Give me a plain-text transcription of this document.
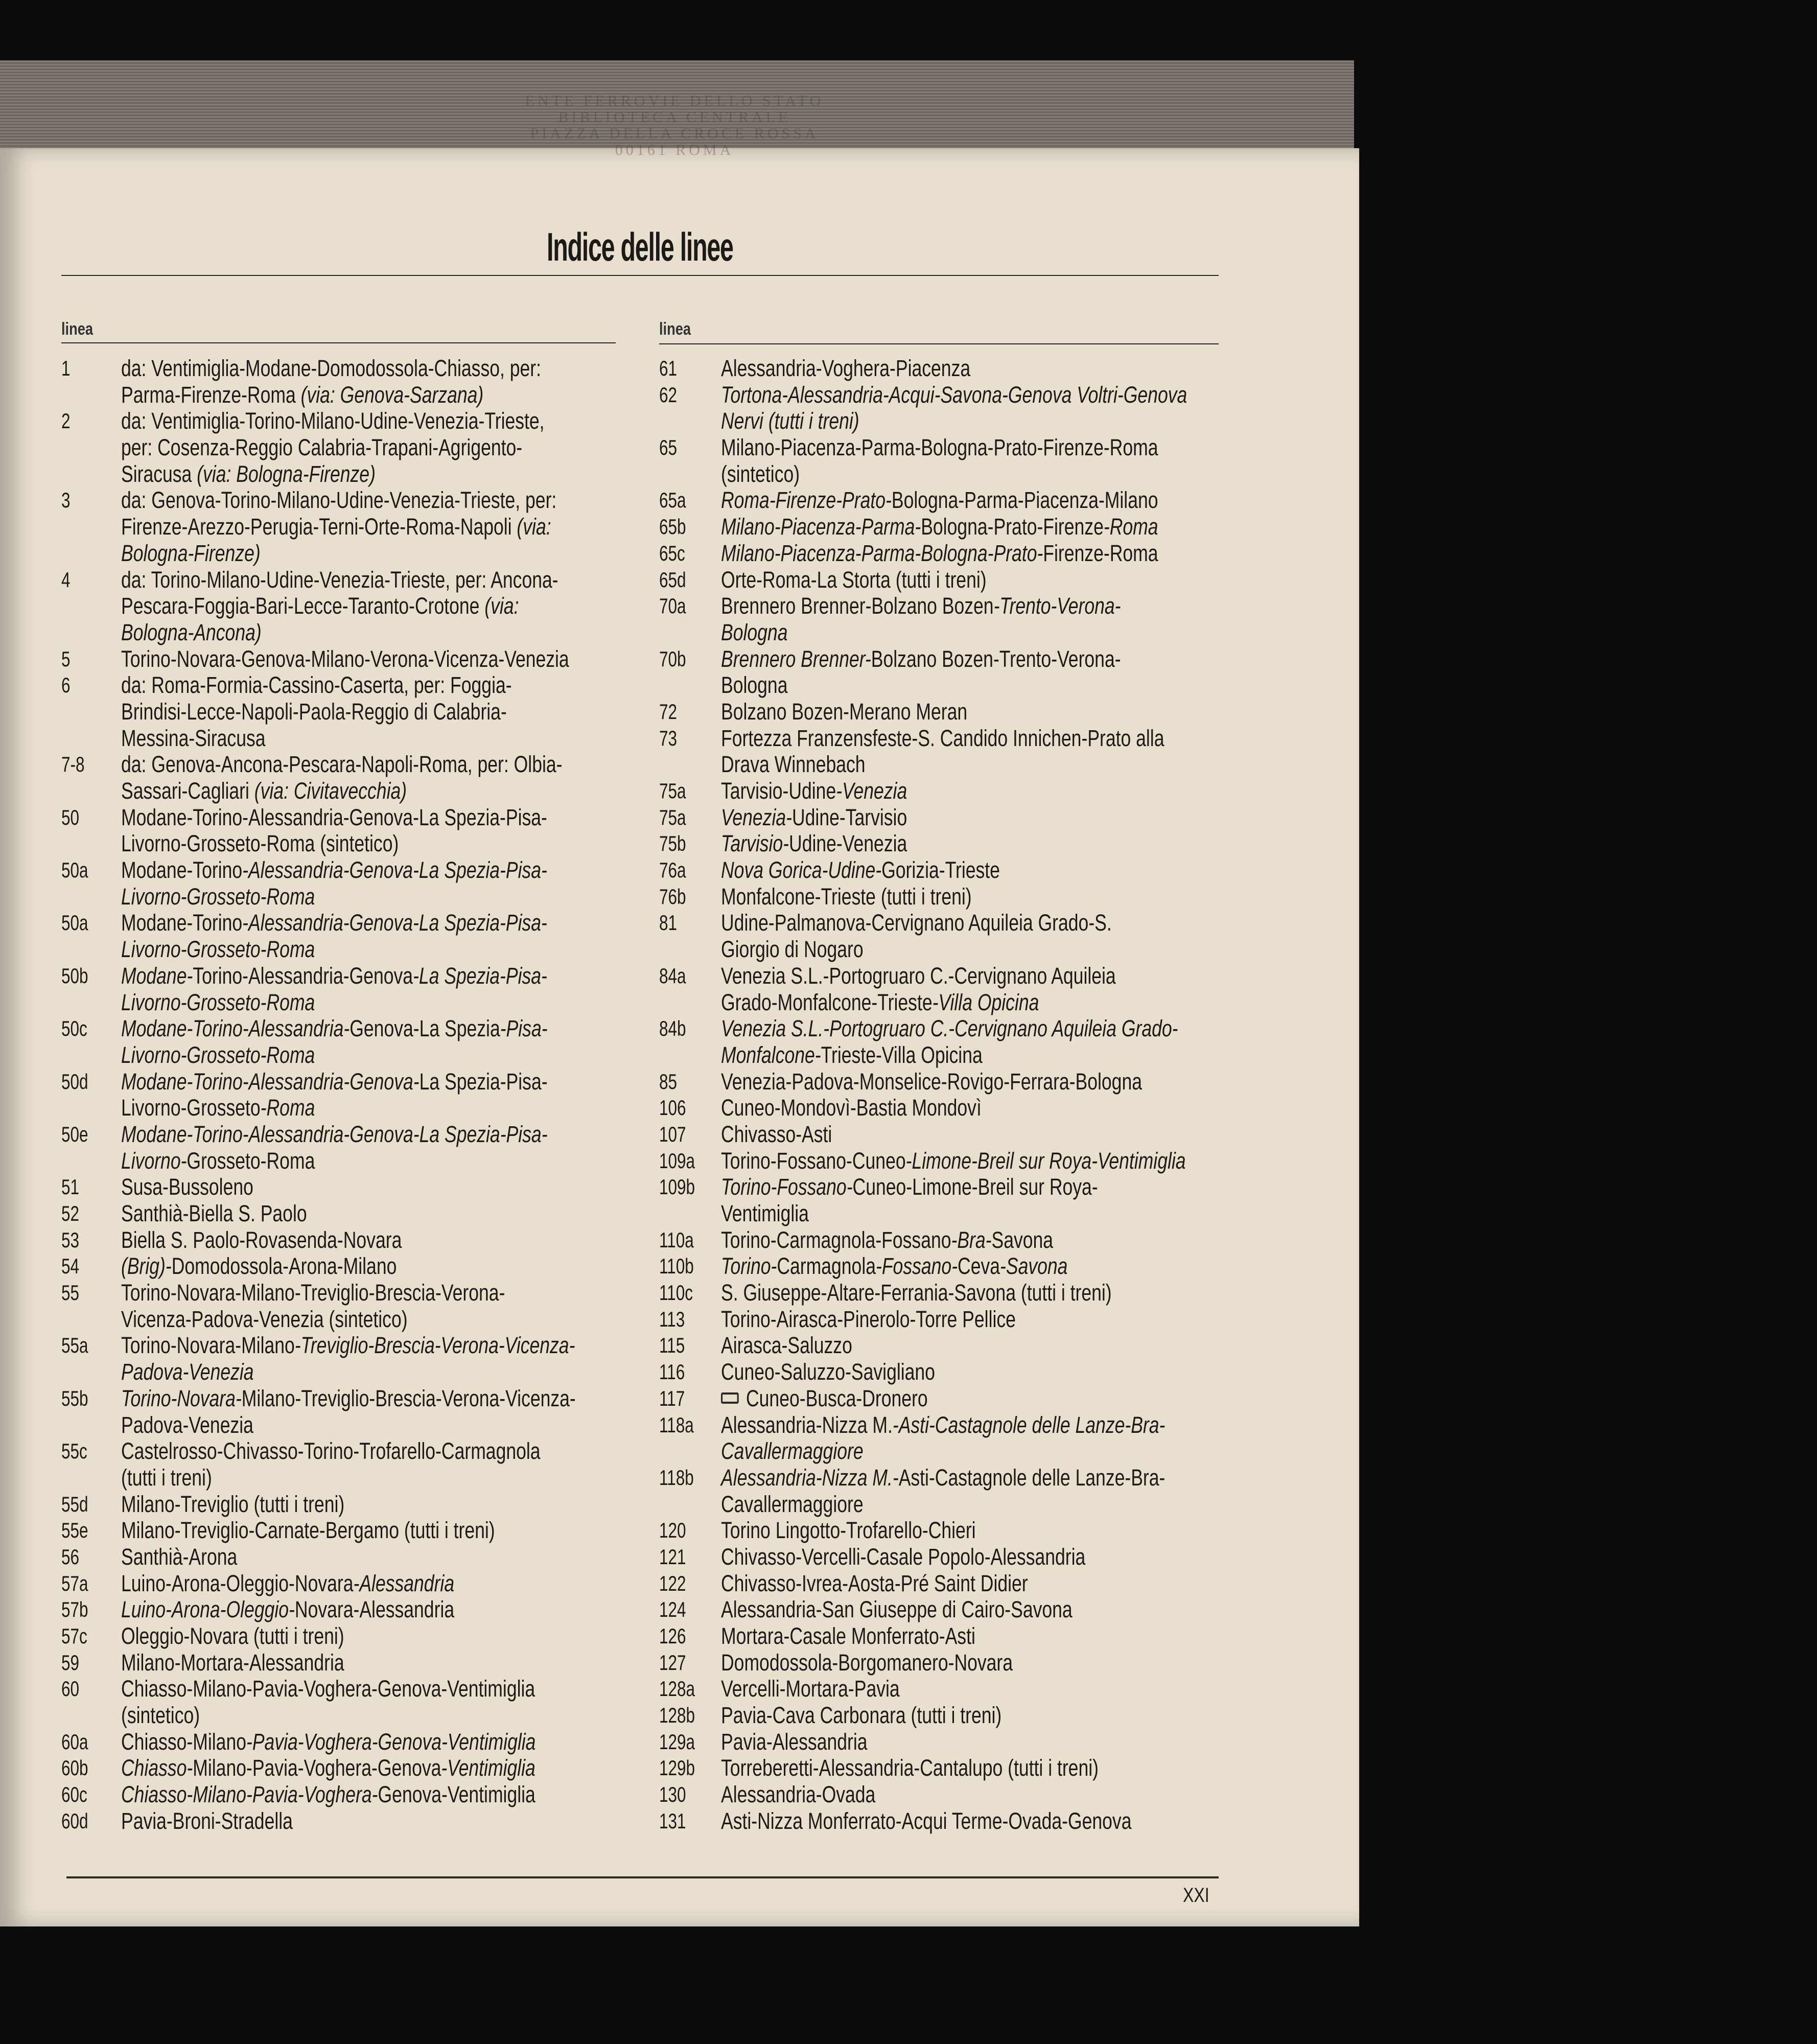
ENTE FERROVIE DELLO STATO
BIBLIOTECA CENTRALE
PIAZZA DELLA CROCE ROSSA
00161 ROMA
Indice delle linee
linea	linea
1 da: Ventimiglia-Modane-Domodossola-Chiasso, per:
Parma-Firenze-Roma (via: Genova-Sarzana)
2 da: Ventimiglia-Torino-Milano-Udine-Venezia-Trieste,
per: Cosenza-Reggio Calabria-Trapani-Agrigento-
Siracusa (via: Bologna-Firenze)
3 da: Genova-Torino-Milano-Udine-Venezia-Trieste, per:
Firenze-Arezzo-Perugia-Terni-Orte-Roma-Napoli (via:
Bologna-Firenze)
4 da: Torino-Milano-Udine-Venezia-Trieste, per: Ancona-
Pescara-Foggia-Bari-Lecce-Taranto-Crotone (via:
Bologna-Ancona)
5 Torino-Novara-Genova-Milano-Verona-Vicenza-Venezia
6 da: Roma-Formia-Cassino-Caserta, per: Foggia-
Brindisi-Lecce-Napoli-Paola-Reggio di Calabria-
Messina-Siracusa
7-8 da: Genova-Ancona-Pescara-Napoli-Roma, per: Olbia-
Sassari-Cagliari (via: Civitavecchia)
50 Modane-Torino-Alessandria-Genova-La Spezia-Pisa-
Livorno-Grosseto-Roma (sintetico)
50a Modane-Torino-Alessandria-Genova-La Spezia-Pisa-
Livorno-Grosseto-Roma
50a Modane-Torino-Alessandria-Genova-La Spezia-Pisa-
Livorno-Grosseto-Roma
50b Modane-Torino-Alessandria-Genova-La Spezia-Pisa-
Livorno-Grosseto-Roma
50c Modane-Torino-Alessandria-Genova-La Spezia-Pisa-
Livorno-Grosseto-Roma
50d Modane-Torino-Alessandria-Genova-La Spezia-Pisa-
Livorno-Grosseto-Roma
50e Modane-Torino-Alessandria-Genova-La Spezia-Pisa-
Livorno-Grosseto-Roma
51 Susa-Bussoleno
52 Santhià-Biella S. Paolo
53 Biella S. Paolo-Rovasenda-Novara
54 (Brig)-Domodossola-Arona-Milano
55 Torino-Novara-Milano-Treviglio-Brescia-Verona-
Vicenza-Padova-Venezia (sintetico)
55a Torino-Novara-Milano-Treviglio-Brescia-Verona-Vicenza-
Padova-Venezia
55b Torino-Novara-Milano-Treviglio-Brescia-Verona-Vicenza-
Padova-Venezia
55c Castelrosso-Chivasso-Torino-Trofarello-Carmagnola
(tutti i treni)
55d Milano-Treviglio (tutti i treni)
55e Milano-Treviglio-Carnate-Bergamo (tutti i treni)
56 Santhià-Arona
57a Luino-Arona-Oleggio-Novara-Alessandria
57b Luino-Arona-Oleggio-Novara-Alessandria
57c Oleggio-Novara (tutti i treni)
59 Milano-Mortara-Alessandria
60 Chiasso-Milano-Pavia-Voghera-Genova-Ventimiglia
(sintetico)
60a Chiasso-Milano-Pavia-Voghera-Genova-Ventimiglia
60b Chiasso-Milano-Pavia-Voghera-Genova-Ventimiglia
60c Chiasso-Milano-Pavia-Voghera-Genova-Ventimiglia
60d Pavia-Broni-Stradella
61 Alessandria-Voghera-Piacenza
62 Tortona-Alessandria-Acqui-Savona-Genova Voltri-Genova
Nervi (tutti i treni)
65 Milano-Piacenza-Parma-Bologna-Prato-Firenze-Roma
(sintetico)
65a Roma-Firenze-Prato-Bologna-Parma-Piacenza-Milano
65b Milano-Piacenza-Parma-Bologna-Prato-Firenze-Roma
65c Milano-Piacenza-Parma-Bologna-Prato-Firenze-Roma
65d Orte-Roma-La Storta (tutti i treni)
70a Brennero Brenner-Bolzano Bozen-Trento-Verona-
Bologna
70b Brennero Brenner-Bolzano Bozen-Trento-Verona-
Bologna
72 Bolzano Bozen-Merano Meran
73 Fortezza Franzensfeste-S. Candido Innichen-Prato alla
Drava Winnebach
75a Tarvisio-Udine-Venezia
75a Venezia-Udine-Tarvisio
75b Tarvisio-Udine-Venezia
76a Nova Gorica-Udine-Gorizia-Trieste
76b Monfalcone-Trieste (tutti i treni)
81 Udine-Palmanova-Cervignano Aquileia Grado-S.
Giorgio di Nogaro
84a Venezia S.L.-Portogruaro C.-Cervignano Aquileia
Grado-Monfalcone-Trieste-Villa Opicina
84b Venezia S.L.-Portogruaro C.-Cervignano Aquileia Grado-
Monfalcone-Trieste-Villa Opicina
85 Venezia-Padova-Monselice-Rovigo-Ferrara-Bologna
106 Cuneo-Mondovì-Bastia Mondovì
107 Chivasso-Asti
109a Torino-Fossano-Cuneo-Limone-Breil sur Roya-Ventimiglia
109b Torino-Fossano-Cuneo-Limone-Breil sur Roya-
Ventimiglia
110a Torino-Carmagnola-Fossano-Bra-Savona
110b Torino-Carmagnola-Fossano-Ceva-Savona
110c S. Giuseppe-Altare-Ferrania-Savona (tutti i treni)
113 Torino-Airasca-Pinerolo-Torre Pellice
115 Airasca-Saluzzo
116 Cuneo-Saluzzo-Savigliano
117	Cuneo-Busca-Dronero
118a Alessandria-Nizza M.-Asti-Castagnole delle Lanze-Bra-
Cavallermaggiore
118b Alessandria-Nizza M.-Asti-Castagnole delle Lanze-Bra-
Cavallermaggiore
120 Torino Lingotto-Trofarello-Chieri
121 Chivasso-Vercelli-Casale Popolo-Alessandria
122 Chivasso-Ivrea-Aosta-Pré Saint Didier
124 Alessandria-San Giuseppe di Cairo-Savona
126 Mortara-Casale Monferrato-Asti
127 Domodossola-Borgomanero-Novara
128a Vercelli-Mortara-Pavia
128b Pavia-Cava Carbonara (tutti i treni)
129a Pavia-Alessandria
129b Torreberetti-Alessandria-Cantalupo (tutti i treni)
130 Alessandria-Ovada
131 Asti-Nizza Monferrato-Acqui Terme-Ovada-Genova
XXI
